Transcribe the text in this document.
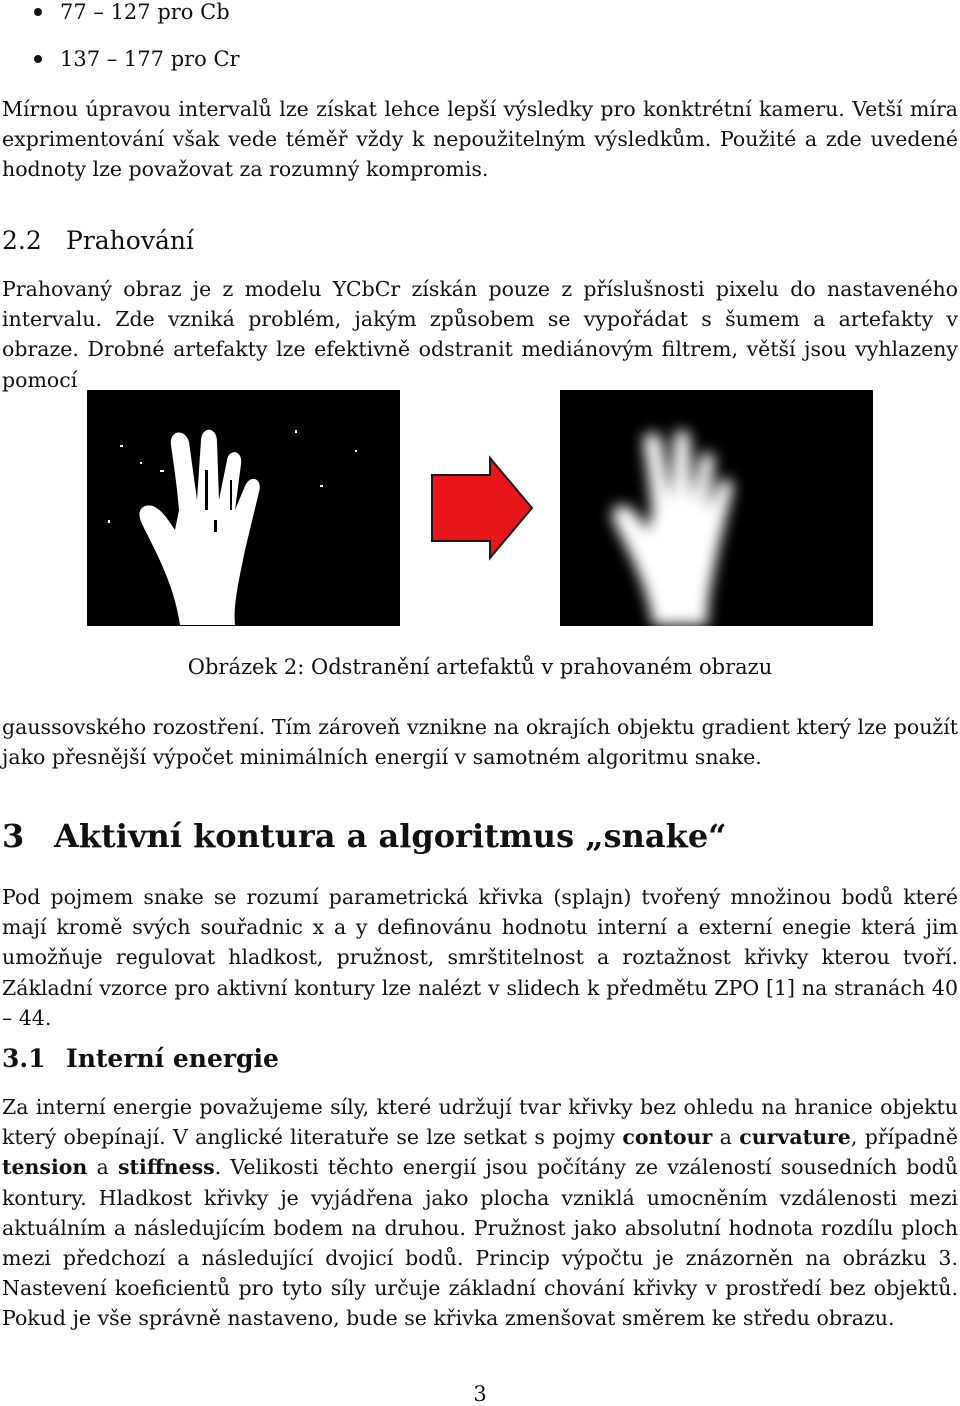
77 – 127 pro Cb
137 – 177 pro Cr

Mírnou úpravou intervalů lze získat lehce lepší výsledky pro konktrétní kameru. Vetší míra exprimentování však vede téměř vždy k nepoužitelným výsledkům. Použité a zde uvedené hodnoty lze považovat za rozumný kompromis.

2.2 Prahování

Prahovaný obraz je z modelu YCbCr získán pouze z příslušnosti pixelu do nastaveného intervalu. Zde vzniká problém, jakým způsobem se vypořádat s šumem a artefakty v obraze. Drobné artefakty lze efektivně odstranit mediánovým filtrem, větší jsou vyhlazeny pomocí

Obrázek 2: Odstranění artefaktů v prahovaném obrazu

gaussovského rozostření. Tím zároveň vznikne na okrajích objektu gradient který lze použít jako přesnější výpočet minimálních energií v samotném algoritmu snake.

3 Aktivní kontura a algoritmus „snake“

Pod pojmem snake se rozumí parametrická křivka (splajn) tvořený množinou bodů které mají kromě svých souřadnic x a y definovánu hodnotu interní a externí enegie která jim umožňuje regulovat hladkost, pružnost, smrštitelnost a roztažnost křivky kterou tvoří. Základní vzorce pro aktivní kontury lze nalézt v slidech k předmětu ZPO [1] na stranách 40 – 44.

3.1 Interní energie

Za interní energie považujeme síly, které udržují tvar křivky bez ohledu na hranice objektu který obepínají. V anglické literatuře se lze setkat s pojmy contour a curvature, případně tension a stiffness. Velikosti těchto energií jsou počítány ze vzáleností sousedních bodů kontury. Hladkost křivky je vyjádřena jako plocha vzniklá umocněním vzdálenosti mezi aktuálním a následujícím bodem na druhou. Pružnost jako absolutní hodnota rozdílu ploch mezi předchozí a následující dvojicí bodů. Princip výpočtu je znázorněn na obrázku 3. Nastevení koeficientů pro tyto síly určuje základní chování křivky v prostředí bez objektů. Pokud je vše správně nastaveno, bude se křivka zmenšovat směrem ke středu obrazu.

3
